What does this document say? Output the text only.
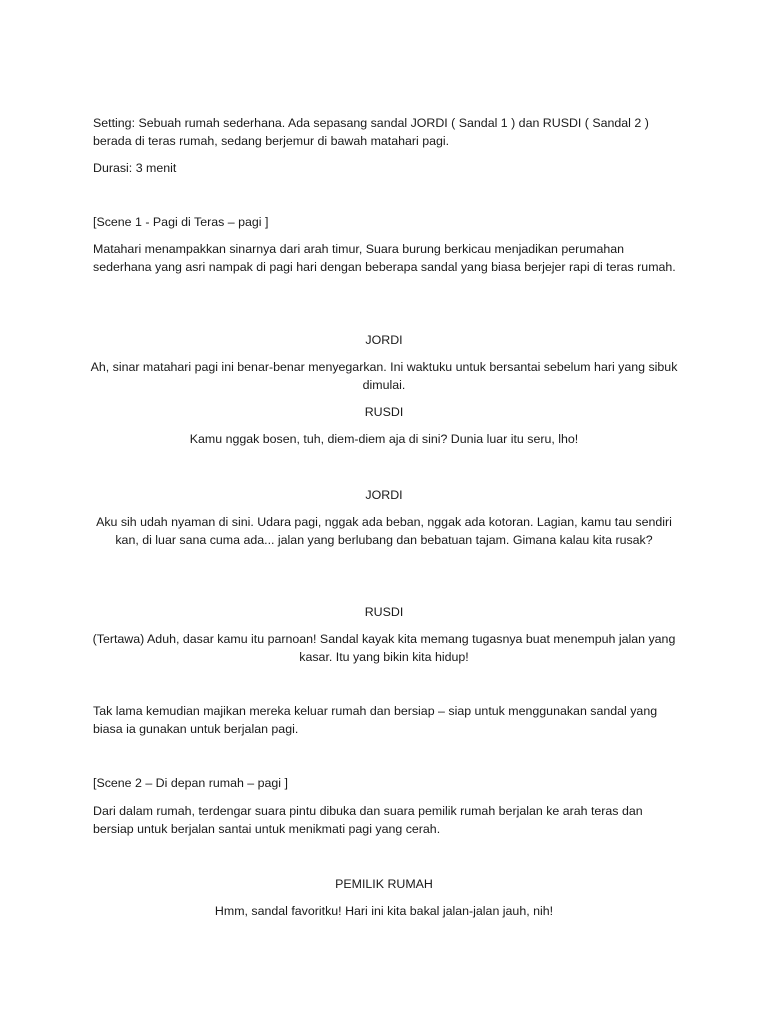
Setting: Sebuah rumah sederhana. Ada sepasang sandal JORDI ( Sandal 1 ) dan RUSDI ( Sandal 2 ) berada di teras rumah, sedang berjemur di bawah matahari pagi.

Durasi: 3 menit

[Scene 1 - Pagi di Teras – pagi ]

Matahari menampakkan sinarnya dari arah timur, Suara burung berkicau menjadikan perumahan sederhana yang asri nampak di pagi hari dengan beberapa sandal yang biasa berjejer rapi di teras rumah.

JORDI

Ah, sinar matahari pagi ini benar-benar menyegarkan. Ini waktuku untuk bersantai sebelum hari yang sibuk dimulai.

RUSDI

Kamu nggak bosen, tuh, diem-diem aja di sini? Dunia luar itu seru, lho!

JORDI

Aku sih udah nyaman di sini. Udara pagi, nggak ada beban, nggak ada kotoran. Lagian, kamu tau sendiri kan, di luar sana cuma ada... jalan yang berlubang dan bebatuan tajam. Gimana kalau kita rusak?

RUSDI

(Tertawa) Aduh, dasar kamu itu parnoan! Sandal kayak kita memang tugasnya buat menempuh jalan yang kasar. Itu yang bikin kita hidup!

Tak lama kemudian majikan mereka keluar rumah dan bersiap – siap untuk menggunakan sandal yang biasa ia gunakan untuk berjalan pagi.

[Scene 2 – Di depan rumah – pagi ]

Dari dalam rumah, terdengar suara pintu dibuka dan suara pemilik rumah berjalan ke arah teras dan bersiap untuk berjalan santai untuk menikmati pagi yang cerah.

PEMILIK RUMAH

Hmm, sandal favoritku! Hari ini kita bakal jalan-jalan jauh, nih!
